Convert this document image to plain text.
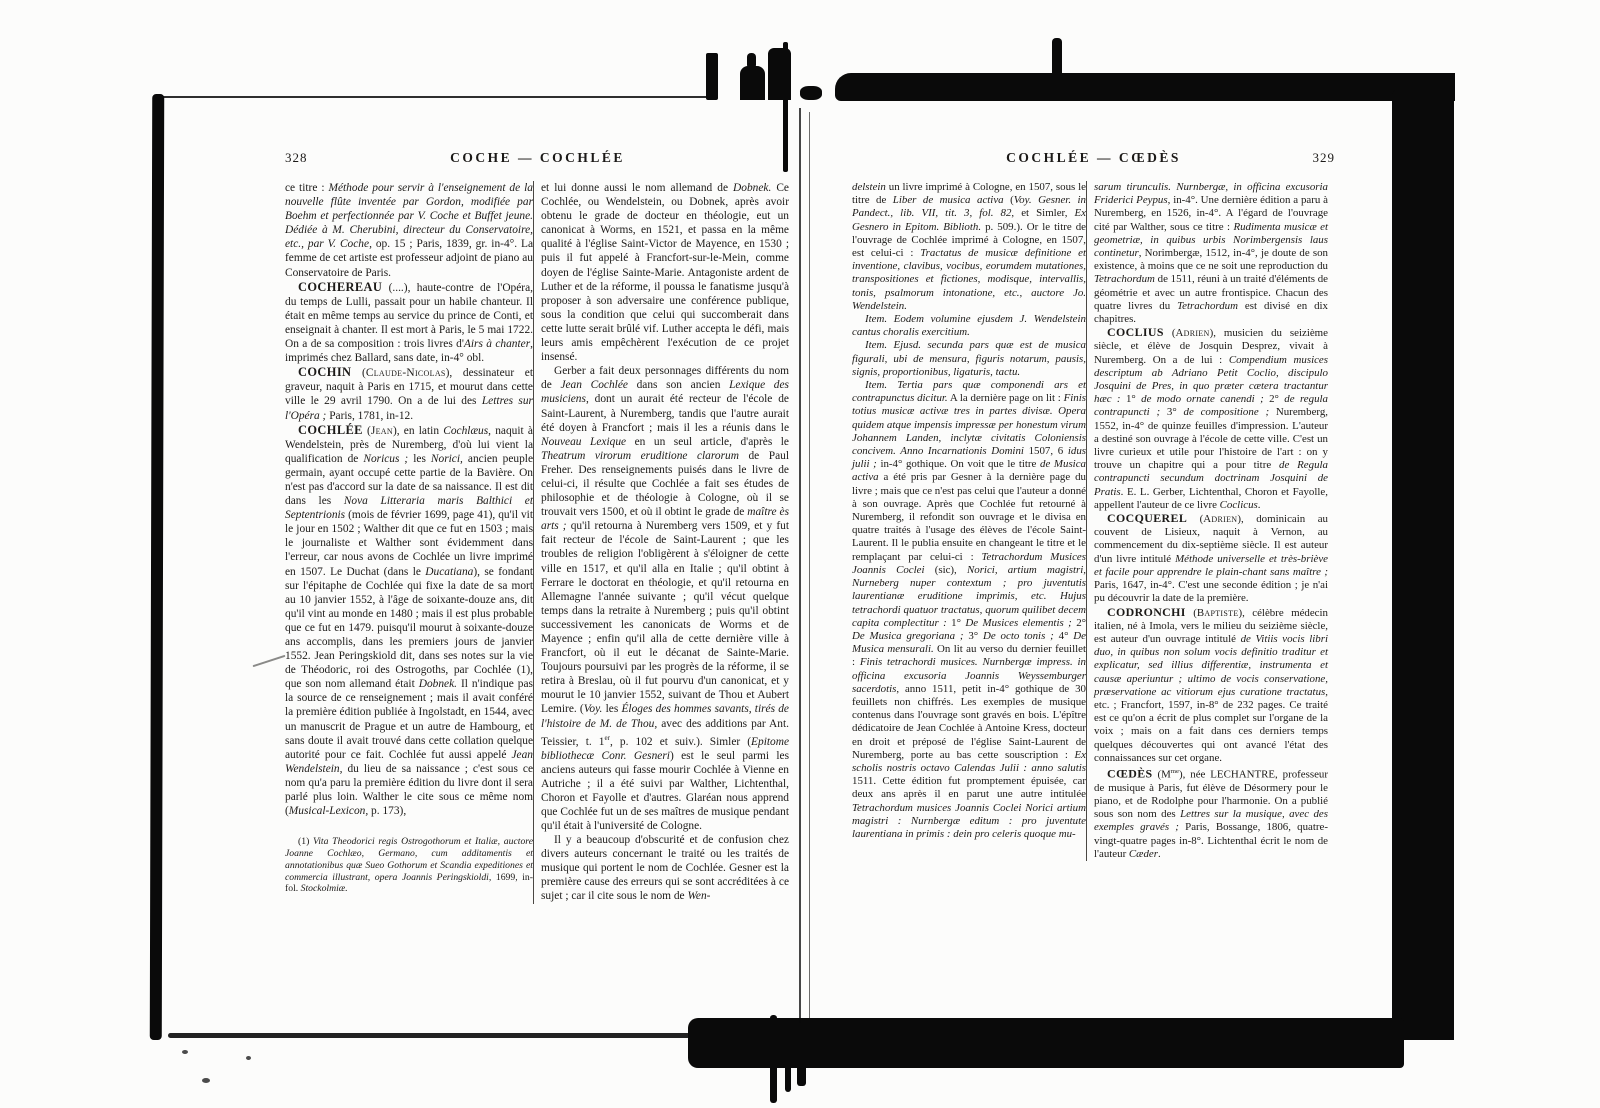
328	COCHE — COCHLÉE

ce titre : Méthode pour servir à l'enseignement de la nouvelle flûte inventée par Gordon, modifiée par Boehm et perfectionnée par V. Coche et Buffet jeune. Dédiée à M. Cherubini, directeur du Conservatoire, etc., par V. Coche, op. 15 ; Paris, 1839, gr. in-4°. La femme de cet artiste est professeur adjoint de piano au Conservatoire de Paris.

COCHEREAU (....), haute-contre de l'Opéra, du temps de Lulli, passait pour un habile chanteur. Il était en même temps au service du prince de Conti, et enseignait à chanter. Il est mort à Paris, le 5 mai 1722. On a de sa composition : trois livres d'Airs à chanter, imprimés chez Ballard, sans date, in-4° obl.

COCHIN (Claude-Nicolas), dessinateur et graveur, naquit à Paris en 1715, et mourut dans cette ville le 29 avril 1790. On a de lui des Lettres sur l'Opéra ; Paris, 1781, in-12.

COCHLÉE (Jean), en latin Cochlæus, naquit à Wendelstein, près de Nuremberg, d'où lui vient la qualification de Noricus ; les Norici, ancien peuple germain, ayant occupé cette partie de la Bavière. On n'est pas d'accord sur la date de sa naissance. Il est dit dans les Nova Litteraria maris Balthici et Septentrionis (mois de février 1699, page 41), qu'il vit le jour en 1502 ; Walther dit que ce fut en 1503 ; mais le journaliste et Walther sont évidemment dans l'erreur, car nous avons de Cochlée un livre imprimé en 1507. Le Duchat (dans le Ducatiana), se fondant sur l'épitaphe de Cochlée qui fixe la date de sa mort au 10 janvier 1552, à l'âge de soixante-douze ans, dit qu'il vint au monde en 1480 ; mais il est plus probable que ce fut en 1479. puisqu'il mourut à soixante-douze ans accomplis, dans les premiers jours de janvier 1552. Jean Peringskiold dit, dans ses notes sur la vie de Théodoric, roi des Ostrogoths, par Cochlée (1), que son nom allemand était Dobnek. Il n'indique pas la source de ce renseignement ; mais il avait conféré la première édition publiée à Ingolstadt, en 1544, avec un manuscrit de Prague et un autre de Hambourg, et sans doute il avait trouvé dans cette collation quelque autorité pour ce fait. Cochlée fut aussi appelé Jean Wendelstein, du lieu de sa naissance ; c'est sous ce nom qu'a paru la première édition du livre dont il sera parlé plus loin. Walther le cite sous ce même nom (Musical-Lexicon, p. 173),

(1) Vita Theodorici regis Ostrogothorum et Italiæ, auctore Joanne Cochlæo, Germano, cum additamentis et annotationibus quæ Sueo Gothorum et Scandia expeditiones et commercia illustrant, opera Joannis Peringskioldi, 1699, in-fol. Stockolmiæ.

et lui donne aussi le nom allemand de Dobnek. Ce Cochlée, ou Wendelstein, ou Dobnek, après avoir obtenu le grade de docteur en théologie, eut un canonicat à Worms, en 1521, et passa en la même qualité à l'église Saint-Victor de Mayence, en 1530 ; puis il fut appelé à Francfort-sur-le-Mein, comme doyen de l'église Sainte-Marie. Antagoniste ardent de Luther et de la réforme, il poussa le fanatisme jusqu'à proposer à son adversaire une conférence publique, sous la condition que celui qui succomberait dans cette lutte serait brûlé vif. Luther accepta le défi, mais leurs amis empêchèrent l'exécution de ce projet insensé.

Gerber a fait deux personnages différents du nom de Jean Cochlée dans son ancien Lexique des musiciens, dont un aurait été recteur de l'école de Saint-Laurent, à Nuremberg, tandis que l'autre aurait été doyen à Francfort ; mais il les a réunis dans le Nouveau Lexique en un seul article, d'après le Theatrum virorum eruditione clarorum de Paul Freher. Des renseignements puisés dans le livre de celui-ci, il résulte que Cochlée a fait ses études de philosophie et de théologie à Cologne, où il se trouvait vers 1500, et où il obtint le grade de maître ès arts ; qu'il retourna à Nuremberg vers 1509, et y fut fait recteur de l'école de Saint-Laurent ; que les troubles de religion l'obligèrent à s'éloigner de cette ville en 1517, et qu'il alla en Italie ; qu'il obtint à Ferrare le doctorat en théologie, et qu'il retourna en Allemagne l'année suivante ; qu'il vécut quelque temps dans la retraite à Nuremberg ; puis qu'il obtint successivement les canonicats de Worms et de Mayence ; enfin qu'il alla de cette dernière ville à Francfort, où il eut le décanat de Sainte-Marie. Toujours poursuivi par les progrès de la réforme, il se retira à Breslau, où il fut pourvu d'un canonicat, et y mourut le 10 janvier 1552, suivant de Thou et Aubert Lemire. (Voy. les Éloges des hommes savants, tirés de l'histoire de M. de Thou, avec des additions par Ant. Teissier, t. 1er, p. 102 et suiv.). Simler (Epitome bibliothecæ Conr. Gesneri) est le seul parmi les anciens auteurs qui fasse mourir Cochlée à Vienne en Autriche ; il a été suivi par Walther, Lichtenthal, Choron et Fayolle et d'autres. Glaréan nous apprend que Cochlée fut un de ses maîtres de musique pendant qu'il était à l'université de Cologne.

Il y a beaucoup d'obscurité et de confusion chez divers auteurs concernant le traité ou les traités de musique qui portent le nom de Cochlée. Gesner est la première cause des erreurs qui se sont accréditées à ce sujet ; car il cite sous le nom de Wen-

COCHLÉE — CŒDÈS	329

delstein un livre imprimé à Cologne, en 1507, sous le titre de Liber de musica activa (Voy. Gesner. in Pandect., lib. VII, tit. 3, fol. 82, et Simler, Ex Gesnero in Epitom. Biblioth. p. 509.). Or le titre de l'ouvrage de Cochlée imprimé à Cologne, en 1507, est celui-ci : Tractatus de musicæ definitione et inventione, clavibus, vocibus, eorumdem mutationes, transpositiones et fictiones, modisque, intervallis, tonis, psalmorum intonatione, etc., auctore Jo. Wendelstein.

Item. Eodem volumine ejusdem J. Wendelstein cantus choralis exercitium.

Item. Ejusd. secunda pars quæ est de musica figurali, ubi de mensura, figuris notarum, pausis, signis, proportionibus, ligaturis, tactu.

Item. Tertia pars quæ componendi ars et contrapunctus dicitur. A la dernière page on lit : Finis totius musicæ activæ tres in partes divisæ. Opera quidem atque impensis impressæ per honestum virum Johannem Landen, inclytæ civitatis Coloniensis concivem. Anno Incarnationis Domini 1507, 6 idus julii ; in-4° gothique. On voit que le titre de Musica activa a été pris par Gesner à la dernière page du livre ; mais que ce n'est pas celui que l'auteur a donné à son ouvrage. Après que Cochlée fut retourné à Nuremberg, il refondit son ouvrage et le divisa en quatre traités à l'usage des élèves de l'école Saint-Laurent. Il le publia ensuite en changeant le titre et le remplaçant par celui-ci : Tetrachordum Musices Joannis Coclei (sic), Norici, artium magistri, Nurneberg nuper contextum ; pro juventutis laurentianæ eruditione imprimis, etc. Hujus tetrachordi quatuor tractatus, quorum quilibet decem capita complectitur : 1° De Musices elementis ; 2° De Musica gregoriana ; 3° De octo tonis ; 4° De Musica mensurali. On lit au verso du dernier feuillet : Finis tetrachordi musices. Nurnbergæ impress. in officina excusoria Joannis Weyssemburger sacerdotis, anno 1511, petit in-4° gothique de 30 feuillets non chiffrés. Les exemples de musique contenus dans l'ouvrage sont gravés en bois. L'épître dédicatoire de Jean Cochlée à Antoine Kress, docteur en droit et préposé de l'église Saint-Laurent de Nuremberg, porte au bas cette souscription : Ex scholis nostris octavo Calendas Julii : anno salutis 1511. Cette édition fut promptement épuisée, car deux ans après il en parut une autre intitulée Tetrachordum musices Joannis Coclei Norici artium magistri : Nurnbergæ editum : pro juventute laurentiana in primis : dein pro celeris quoque mu-

sarum tirunculis. Nurnbergæ, in officina excusoria Friderici Peypus, in-4°. Une dernière édition a paru à Nuremberg, en 1526, in-4°. A l'égard de l'ouvrage cité par Walther, sous ce titre : Rudimenta musicæ et geometriæ, in quibus urbis Norimbergensis laus continetur, Norimbergæ, 1512, in-4°, je doute de son existence, à moins que ce ne soit une reproduction du Tetrachordum de 1511, réuni à un traité d'éléments de géométrie et avec un autre frontispice. Chacun des quatre livres du Tetrachordum est divisé en dix chapitres.

COCLIUS (Adrien), musicien du seizième siècle, et élève de Josquin Desprez, vivait à Nuremberg. On a de lui : Compendium musices descriptum ab Adriano Petit Coclio, discipulo Josquini de Pres, in quo præter cætera tractantur hæc : 1° de modo ornate canendi ; 2° de regula contrapuncti ; 3° de compositione ; Nuremberg, 1552, in-4° de quinze feuilles d'impression. L'auteur a destiné son ouvrage à l'école de cette ville. C'est un livre curieux et utile pour l'histoire de l'art : on y trouve un chapitre qui a pour titre de Regula contrapuncti secundum doctrinam Josquini de Pratis. E. L. Gerber, Lichtenthal, Choron et Fayolle, appellent l'auteur de ce livre Coclicus.

COCQUEREL (Adrien), dominicain au couvent de Lisieux, naquit à Vernon, au commencement du dix-septième siècle. Il est auteur d'un livre intitulé Méthode universelle et très-briève et facile pour apprendre le plain-chant sans maître ; Paris, 1647, in-4°. C'est une seconde édition ; je n'ai pu découvrir la date de la première.

CODRONCHI (Baptiste), célèbre médecin italien, né à Imola, vers le milieu du seizième siècle, est auteur d'un ouvrage intitulé de Vitiis vocis libri duo, in quibus non solum vocis definitio traditur et explicatur, sed illius differentiæ, instrumenta et causæ aperiuntur ; ultimo de vocis conservatione, præservatione ac vitiorum ejus curatione tractatus, etc. ; Francfort, 1597, in-8° de 232 pages. Ce traité est ce qu'on a écrit de plus complet sur l'organe de la voix ; mais on a fait dans ces derniers temps quelques découvertes qui ont avancé l'état des connaissances sur cet organe.

CŒDÈS $(M^{me})$, née LECHANTRE, professeur de musique à Paris, fut élève de Désormery pour le piano, et de Rodolphe pour l'harmonie. On a publié sous son nom des Lettres sur la musique, avec des exemples gravés ; Paris, Bossange, 1806, quatre-vingt-quatre pages in-8°. Lichtenthal écrit le nom de l'auteur Cæder.
